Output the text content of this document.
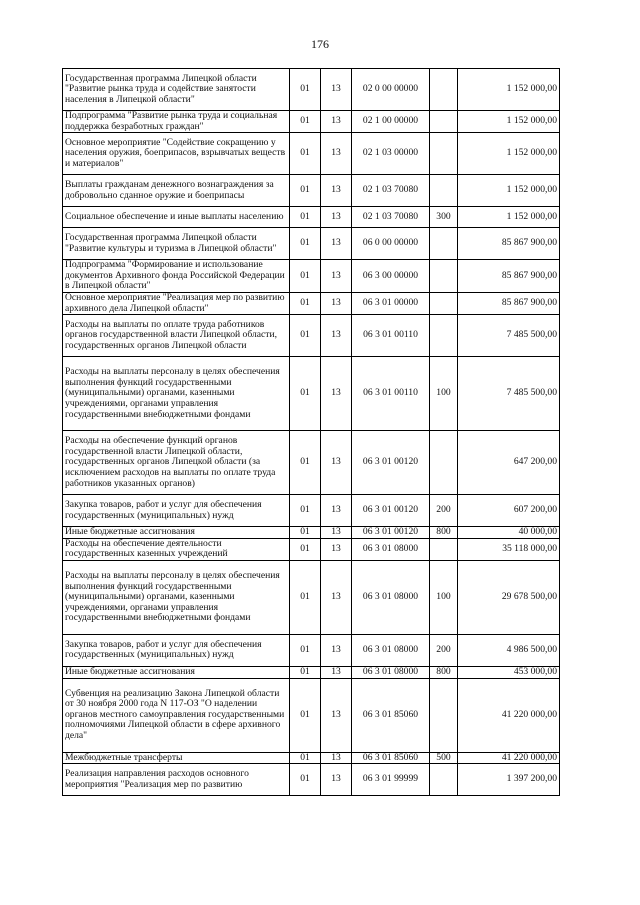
176
Государственная программа Липецкой области "Развитие рынка труда и содействие занятости населения в Липецкой области"	01	13	02 0 00 00000		1 152 000,00
Подпрограмма "Развитие рынка труда и социальная поддержка безработных граждан"	01	13	02 1 00 00000		1 152 000,00
Основное мероприятие "Содействие сокращению у населения оружия, боеприпасов, взрывчатых веществ и материалов"	01	13	02 1 03 00000		1 152 000,00
Выплаты гражданам денежного вознаграждения за добровольно сданное оружие и боеприпасы	01	13	02 1 03 70080		1 152 000,00
Социальное обеспечение и иные выплаты населению	01	13	02 1 03 70080	300	1 152 000,00
Государственная программа Липецкой области "Развитие культуры и туризма в Липецкой области"	01	13	06 0 00 00000		85 867 900,00
Подпрограмма "Формирование и использование документов Архивного фонда Российской Федерации в Липецкой области"	01	13	06 3 00 00000		85 867 900,00
Основное мероприятие "Реализация мер по развитию архивного дела Липецкой области"	01	13	06 3 01 00000		85 867 900,00
Расходы на выплаты по оплате труда работников органов государственной власти Липецкой области, государственных органов Липецкой области	01	13	06 3 01 00110		7 485 500,00
Расходы на выплаты персоналу в целях обеспечения выполнения функций государственными (муниципальными) органами, казенными учреждениями, органами управления государственными внебюджетными фондами	01	13	06 3 01 00110	100	7 485 500,00
Расходы на обеспечение функций органов государственной власти Липецкой области, государственных органов Липецкой области (за исключением расходов на выплаты по оплате труда работников указанных органов)	01	13	06 3 01 00120		647 200,00
Закупка товаров, работ и услуг для обеспечения государственных (муниципальных) нужд	01	13	06 3 01 00120	200	607 200,00
Иные бюджетные ассигнования	01	13	06 3 01 00120	800	40 000,00
Расходы на обеспечение деятельности государственных казенных учреждений	01	13	06 3 01 08000		35 118 000,00
Расходы на выплаты персоналу в целях обеспечения выполнения функций государственными (муниципальными) органами, казенными учреждениями, органами управления государственными внебюджетными фондами	01	13	06 3 01 08000	100	29 678 500,00
Закупка товаров, работ и услуг для обеспечения государственных (муниципальных) нужд	01	13	06 3 01 08000	200	4 986 500,00
Иные бюджетные ассигнования	01	13	06 3 01 08000	800	453 000,00
Субвенция на реализацию Закона Липецкой области от 30 ноября 2000 года N 117-ОЗ "О наделении органов местного самоуправления государственными полномочиями Липецкой области в сфере архивного дела"	01	13	06 3 01 85060		41 220 000,00
Межбюджетные трансферты	01	13	06 3 01 85060	500	41 220 000,00
Реализация направления расходов основного мероприятия "Реализация мер по развитию	01	13	06 3 01 99999		1 397 200,00
